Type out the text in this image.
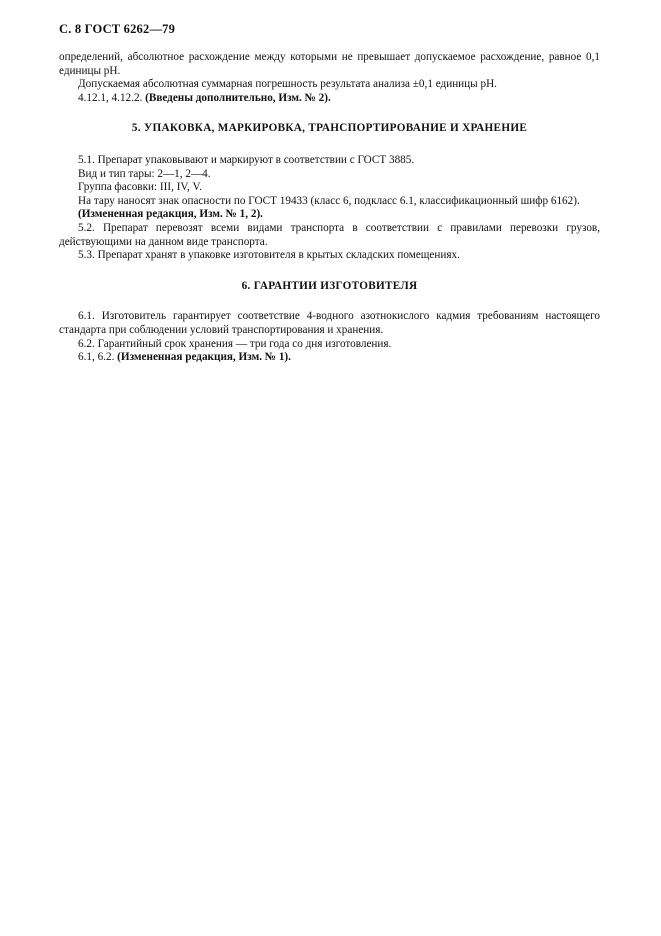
С. 8 ГОСТ 6262—79

определений, абсолютное расхождение между которыми не превышает допускаемое расхождение, равное 0,1 единицы pH.

Допускаемая абсолютная суммарная погрешность результата анализа ±0,1 единицы pH.

4.12.1, 4.12.2. (Введены дополнительно, Изм. № 2).

5. УПАКОВКА, МАРКИРОВКА, ТРАНСПОРТИРОВАНИЕ И ХРАНЕНИЕ

5.1. Препарат упаковывают и маркируют в соответствии с ГОСТ 3885.

Вид и тип тары: 2—1, 2—4.

Группа фасовки: III, IV, V.

На тару наносят знак опасности по ГОСТ 19433 (класс 6, подкласс 6.1, классификационный шифр 6162).

(Измененная редакция, Изм. № 1, 2).

5.2. Препарат перевозят всеми видами транспорта в соответствии с правилами перевозки грузов, действующими на данном виде транспорта.

5.3. Препарат хранят в упаковке изготовителя в крытых складских помещениях.

6. ГАРАНТИИ ИЗГОТОВИТЕЛЯ

6.1. Изготовитель гарантирует соответствие 4-водного азотнокислого кадмия требованиям настоящего стандарта при соблюдении условий транспортирования и хранения.

6.2. Гарантийный срок хранения — три года со дня изготовления.

6.1, 6.2. (Измененная редакция, Изм. № 1).
